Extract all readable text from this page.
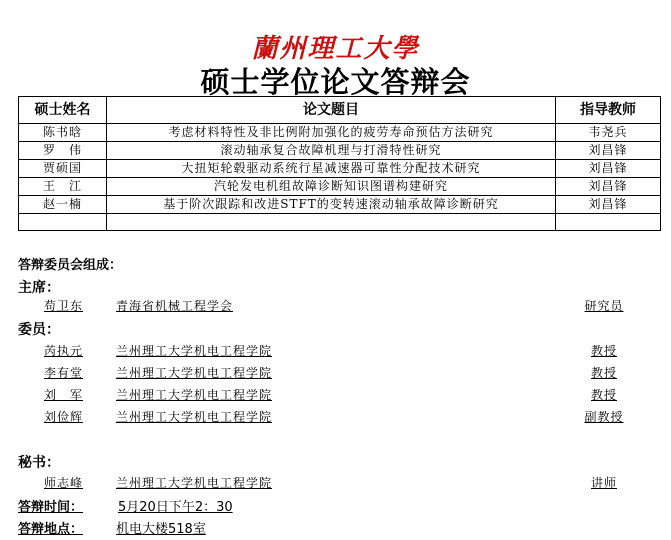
蘭州理工大學
硕士学位论文答辩会
硕士姓名	论文题目	指导教师
陈书晗	考虑材料特性及非比例附加强化的疲劳寿命预估方法研究	韦尧兵
罗　伟	滚动轴承复合故障机理与打滑特性研究	刘昌锋
贾硕国	大扭矩轮毂驱动系统行星减速器可靠性分配技术研究	刘昌锋
王　江	汽轮发电机组故障诊断知识图谱构建研究	刘昌锋
赵一楠	基于阶次跟踪和改进STFT的变转速滚动轴承故障诊断研究	刘昌锋

答辩委员会组成：
主席：
苟卫东	青海省机械工程学会	研究员
委员：
芮执元	兰州理工大学机电工程学院	教授
李有堂	兰州理工大学机电工程学院	教授
刘　军	兰州理工大学机电工程学院	教授
刘俭辉	兰州理工大学机电工程学院	副教授
秘书：
师志峰	兰州理工大学机电工程学院	讲师
答辩时间：	5月20日下午2：30
答辩地点：	机电大楼518室
